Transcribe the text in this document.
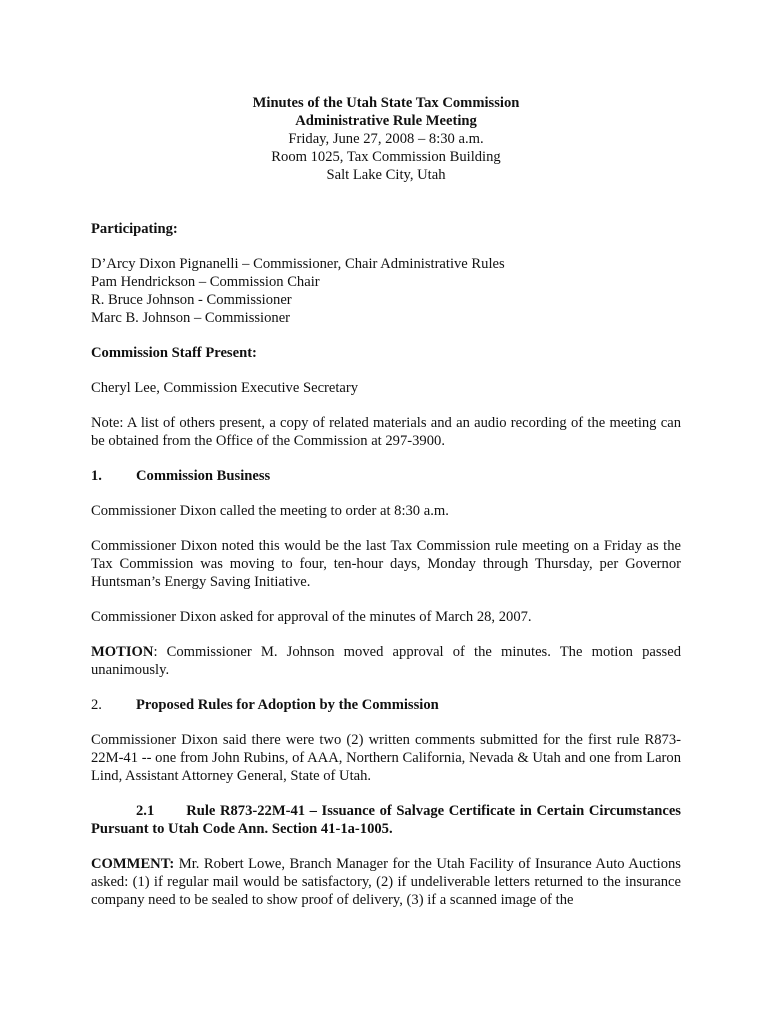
Minutes of the Utah State Tax Commission
Administrative Rule Meeting
Friday, June 27, 2008 – 8:30 a.m.
Room 1025, Tax Commission Building
Salt Lake City, Utah
Participating:
D’Arcy Dixon Pignanelli – Commissioner, Chair Administrative Rules
Pam Hendrickson – Commission Chair
R. Bruce Johnson - Commissioner
Marc B. Johnson – Commissioner
Commission Staff Present:
Cheryl Lee, Commission Executive Secretary

Note: A list of others present, a copy of related materials and an audio recording of the meeting can be obtained from the Office of the Commission at 297-3900.

1.	Commission Business

Commissioner Dixon called the meeting to order at 8:30 a.m.

Commissioner Dixon noted this would be the last Tax Commission rule meeting on a Friday as the Tax Commission was moving to four, ten-hour days, Monday through Thursday, per Governor Huntsman’s Energy Saving Initiative.

Commissioner Dixon asked for approval of the minutes of March 28, 2007.

MOTION: Commissioner M. Johnson moved approval of the minutes. The motion passed unanimously.

2.	Proposed Rules for Adoption by the Commission

Commissioner Dixon said there were two (2) written comments submitted for the first rule R873-22M-41 -- one from John Rubins, of AAA, Northern California, Nevada & Utah and one from Laron Lind, Assistant Attorney General, State of Utah.

2.1 Rule R873-22M-41 – Issuance of Salvage Certificate in Certain Circumstances Pursuant to Utah Code Ann. Section 41-1a-1005.

COMMENT: Mr. Robert Lowe, Branch Manager for the Utah Facility of Insurance Auto Auctions asked: (1) if regular mail would be satisfactory, (2) if undeliverable letters returned to the insurance company need to be sealed to show proof of delivery, (3) if a scanned image of the
